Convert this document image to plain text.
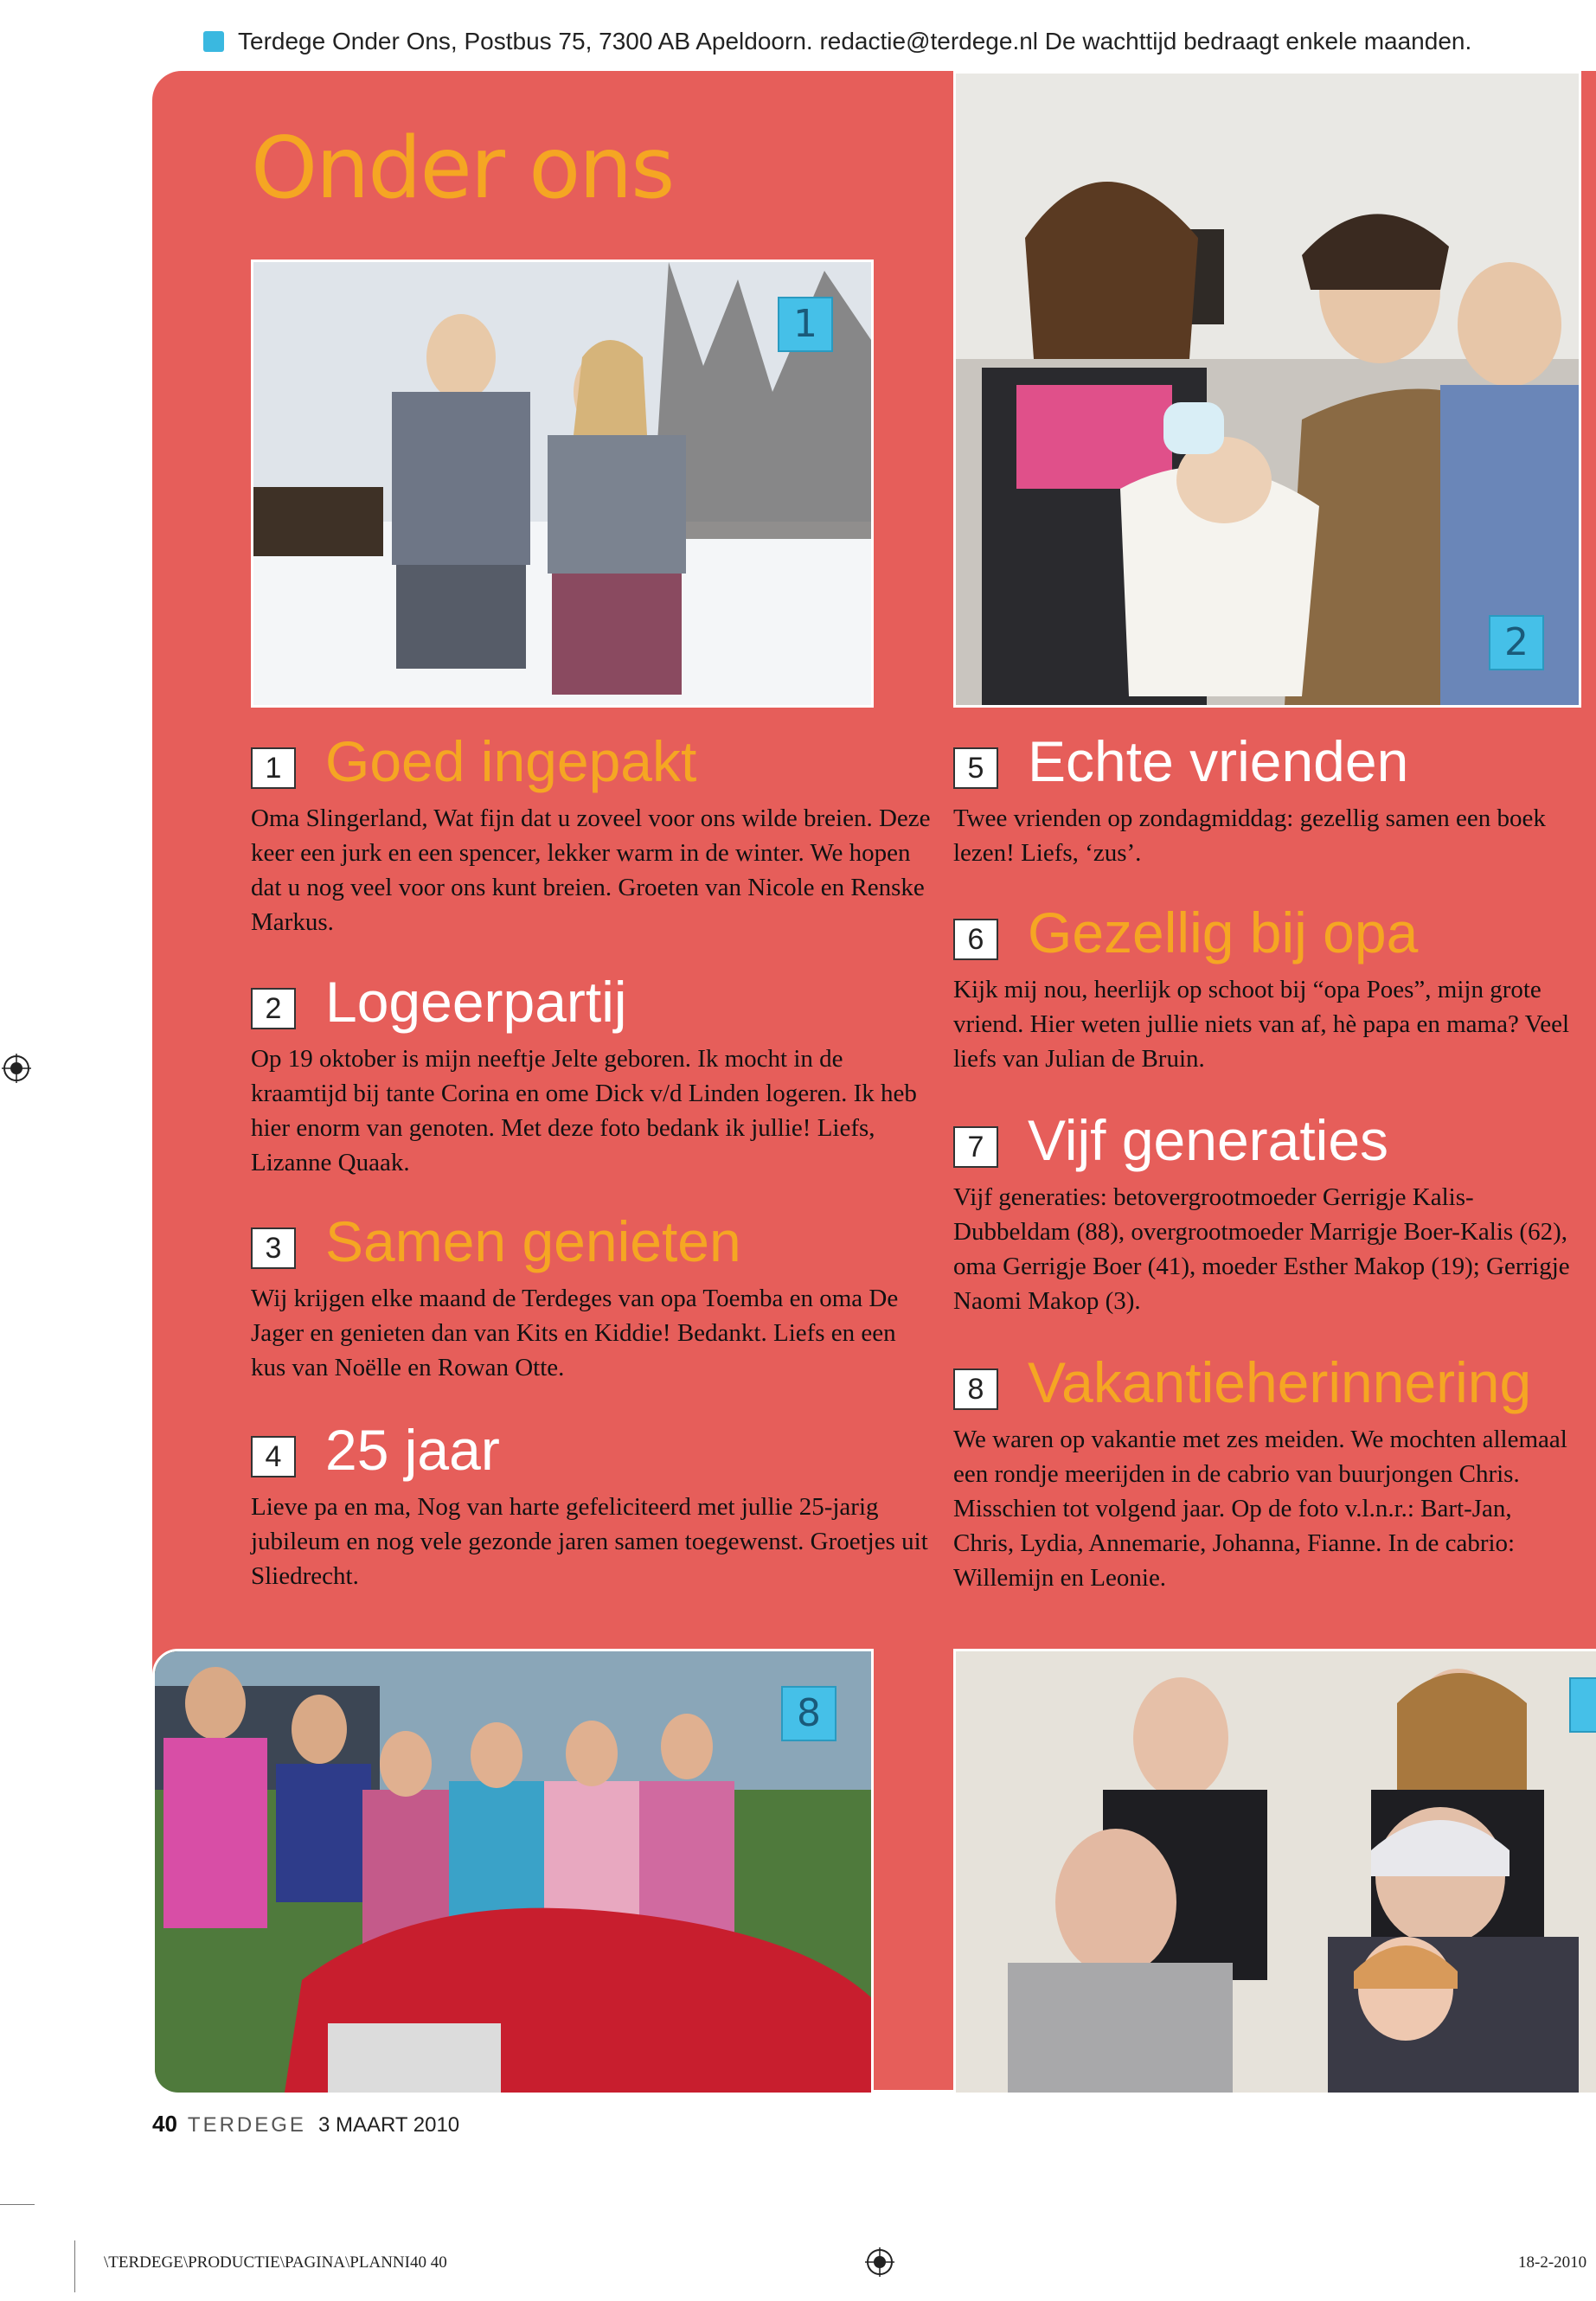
Terdege Onder Ons, Postbus 75, 7300 AB Apeldoorn. redactie@terdege.nl De wachttijd bedraagt enkele maanden.
Onder ons
1
2
8
1 Goed ingepakt
Oma Slingerland, Wat fijn dat u zoveel voor ons wilde breien. Deze keer een jurk en een spencer, lekker warm in de winter. We hopen dat u nog veel voor ons kunt breien. Groeten van Nicole en Renske Markus.
2 Logeerpartij
Op 19 oktober is mijn neeftje Jelte geboren. Ik mocht in de kraamtijd bij tante Corina en ome Dick v/d Linden logeren. Ik heb hier enorm van genoten. Met deze foto bedank ik jullie! Liefs, Lizanne Quaak.
3 Samen genieten
Wij krijgen elke maand de Terdeges van opa Toemba en oma De Jager en genieten dan van Kits en Kiddie! Bedankt. Liefs en een kus van Noëlle en Rowan Otte.
4 25 jaar
Lieve pa en ma, Nog van harte gefeliciteerd met jullie 25-jarig jubileum en nog vele gezonde jaren samen toegewenst. Groetjes uit Sliedrecht.
5 Echte vrienden
Twee vrienden op zondagmiddag: gezellig samen een boek lezen! Liefs, ‘zus’.
6 Gezellig bij opa
Kijk mij nou, heerlijk op schoot bij “opa Poes”, mijn grote vriend. Hier weten jullie niets van af, hè papa en mama? Veel liefs van Julian de Bruin.
7 Vijf generaties
Vijf generaties: betovergrootmoeder Gerrigje Kalis-Dubbeldam (88), overgrootmoeder Marrigje Boer-Kalis (62), oma Gerrigje Boer (41), moeder Esther Makop (19); Gerrigje Naomi Makop (3).
8 Vakantieherinnering
We waren op vakantie met zes meiden. We mochten allemaal een rondje meerijden in de cabrio van buurjongen Chris. Misschien tot volgend jaar. Op de foto v.l.n.r.: Bart-Jan, Chris, Lydia, Annemarie, Johanna, Fianne. In de cabrio: Willemijn en Leonie.
40 TERDEGE 3 MAART 2010
\TERDEGE\PRODUCTIE\PAGINA\PLANNI40 40	18-2-2010
